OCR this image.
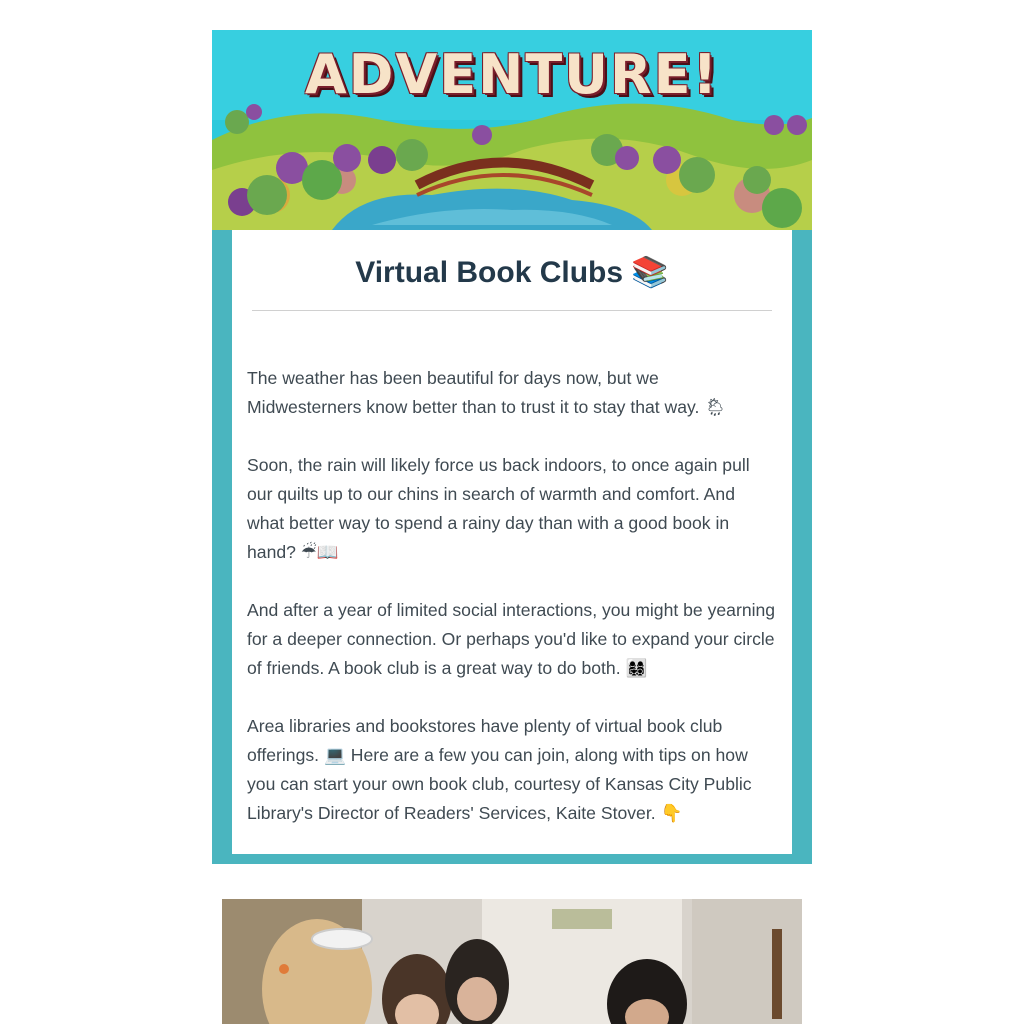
ADVENTURE!
Virtual Book Clubs 📚

The weather has been beautiful for days now, but we Midwesterners know better than to trust it to stay that way. 🌦

Soon, the rain will likely force us back indoors, to once again pull our quilts up to our chins in search of warmth and comfort. And what better way to spend a rainy day than with a good book in hand? ☔📖

And after a year of limited social interactions, you might be yearning for a deeper connection. Or perhaps you'd like to expand your circle of friends. A book club is a great way to do both. 👩‍👩‍👧‍👦

Area libraries and bookstores have plenty of virtual book club offerings. 💻 Here are a few you can join, along with tips on how you can start your own book club, courtesy of Kansas City Public Library's Director of Readers' Services, Kaite Stover. 👇
